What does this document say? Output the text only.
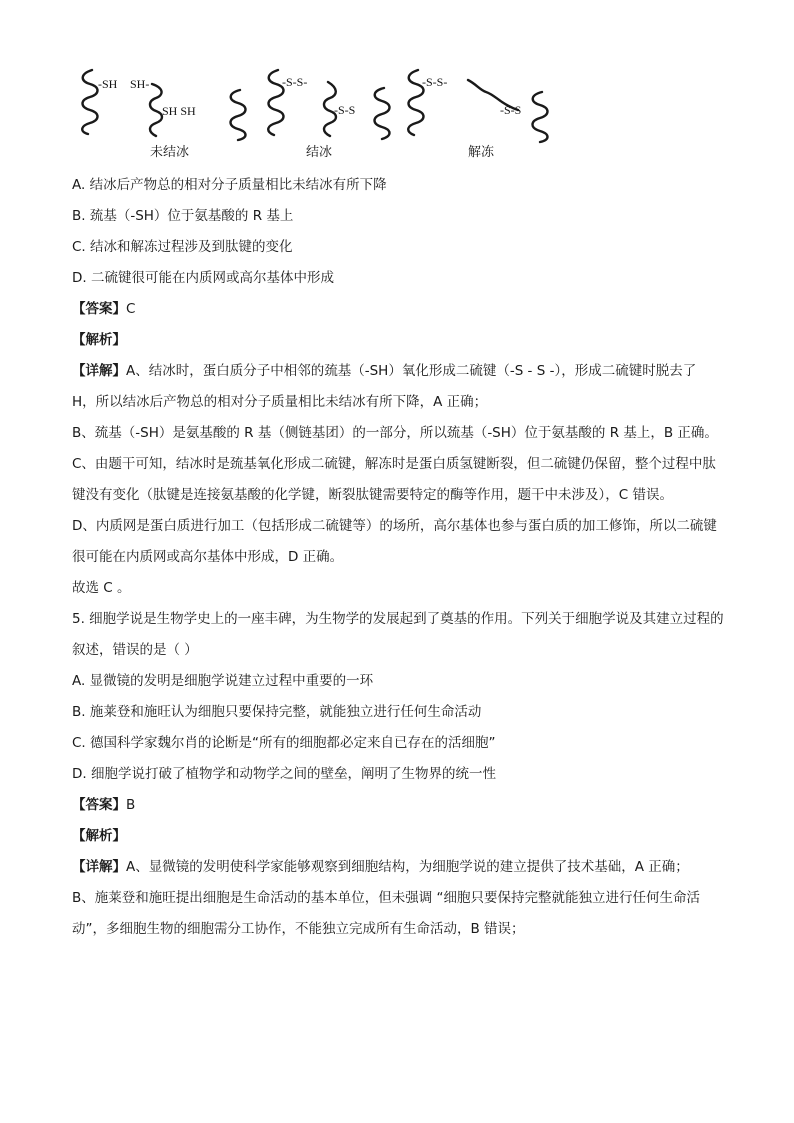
-SH SH-
SH SH
-S-S-
-S-S
-S-S-
-S-S
未结冰	结冰	解冻
A. 结冰后产物总的相对分子质量相比未结冰有所下降
B. 巯基（-SH）位于氨基酸的 R 基上
C. 结冰和解冻过程涉及到肽键的变化
D. 二硫键很可能在内质网或高尔基体中形成
【答案】C
【解析】
【详解】A、结冰时，蛋白质分子中相邻的巯基（-SH）氧化形成二硫键（-S - S -），形成二硫键时脱去了 H，所以结冰后产物总的相对分子质量相比未结冰有所下降，A 正确；
B、巯基（-SH）是氨基酸的 R 基（侧链基团）的一部分，所以巯基（-SH）位于氨基酸的 R 基上，B 正确。
C、由题干可知，结冰时是巯基氧化形成二硫键，解冻时是蛋白质氢键断裂，但二硫键仍保留，整个过程中肽键没有变化（肽键是连接氨基酸的化学键，断裂肽键需要特定的酶等作用，题干中未涉及），C 错误。
D、内质网是蛋白质进行加工（包括形成二硫键等）的场所，高尔基体也参与蛋白质的加工修饰，所以二硫键很可能在内质网或高尔基体中形成，D 正确。
故选 C 。
5. 细胞学说是生物学史上的一座丰碑，为生物学的发展起到了奠基的作用。下列关于细胞学说及其建立过程的叙述，错误的是（ ）
A. 显微镜的发明是细胞学说建立过程中重要的一环
B. 施莱登和施旺认为细胞只要保持完整，就能独立进行任何生命活动
C. 德国科学家魏尔肖的论断是“所有的细胞都必定来自已存在的活细胞”
D. 细胞学说打破了植物学和动物学之间的壁垒，阐明了生物界的统一性
【答案】B
【解析】
【详解】A、显微镜的发明使科学家能够观察到细胞结构，为细胞学说的建立提供了技术基础，A 正确；
B、施莱登和施旺提出细胞是生命活动的基本单位，但未强调 “细胞只要保持完整就能独立进行任何生命活动”，多细胞生物的细胞需分工协作，不能独立完成所有生命活动，B 错误；
